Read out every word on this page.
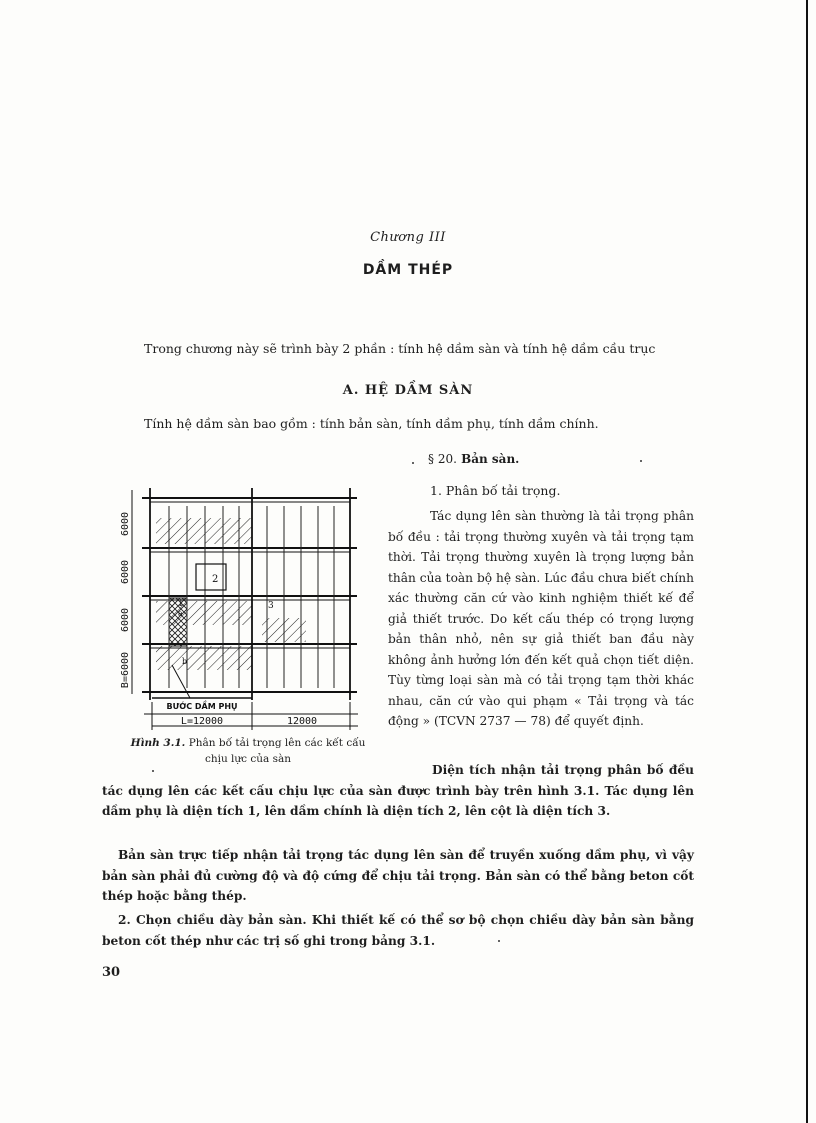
Chương III
DẦM THÉP
Trong chương này sẽ trình bày 2 phần : tính hệ dầm sàn và tính hệ dầm cầu trục
A. HỆ DẦM SÀN
Tính hệ dầm sàn bao gồm : tính bản sàn, tính dầm phụ, tính dầm chính.
§ 20. Bản sàn.
1. Phân bố tải trọng.
Tác dụng lên sàn thường là tải trọng phân bố đều : tải trọng thường xuyên và tải trọng tạm thời. Tải trọng thường xuyên là trọng lượng bản thân của toàn bộ hệ sàn. Lúc đầu chưa biết chính xác thường căn cứ vào kinh nghiệm thiết kế để giả thiết trước. Do kết cấu thép có trọng lượng bản thân nhỏ, nên sự giả thiết ban đầu này không ảnh hưởng lớn đến kết quả chọn tiết diện. Tùy từng loại sàn mà có tải trọng tạm thời khác nhau, căn cứ vào qui phạm « Tải trọng và tác động » (TCVN 2737 — 78) để quyết định.
6000
6000
6000
B=6000
L=12000	12000
BƯỚC DẦM PHỤ
1
2
3
a
b
Hình 3.1. Phân bố tải trọng lên các kết cấu chịu lực của sàn
Diện tích nhận tải trọng phân bố đều tác dụng lên các kết cấu chịu lực của sàn được trình bày trên hình 3.1. Tác dụng lên dầm phụ là diện tích 1, lên dầm chính là diện tích 2, lên cột là diện tích 3.
Bản sàn trực tiếp nhận tải trọng tác dụng lên sàn để truyền xuống dầm phụ, vì vậy bản sàn phải đủ cường độ và độ cứng để chịu tải trọng. Bản sàn có thể bằng beton cốt thép hoặc bằng thép.
2. Chọn chiều dày bản sàn. Khi thiết kế có thể sơ bộ chọn chiều dày bản sàn bằng beton cốt thép như các trị số ghi trong bảng 3.1.
30
